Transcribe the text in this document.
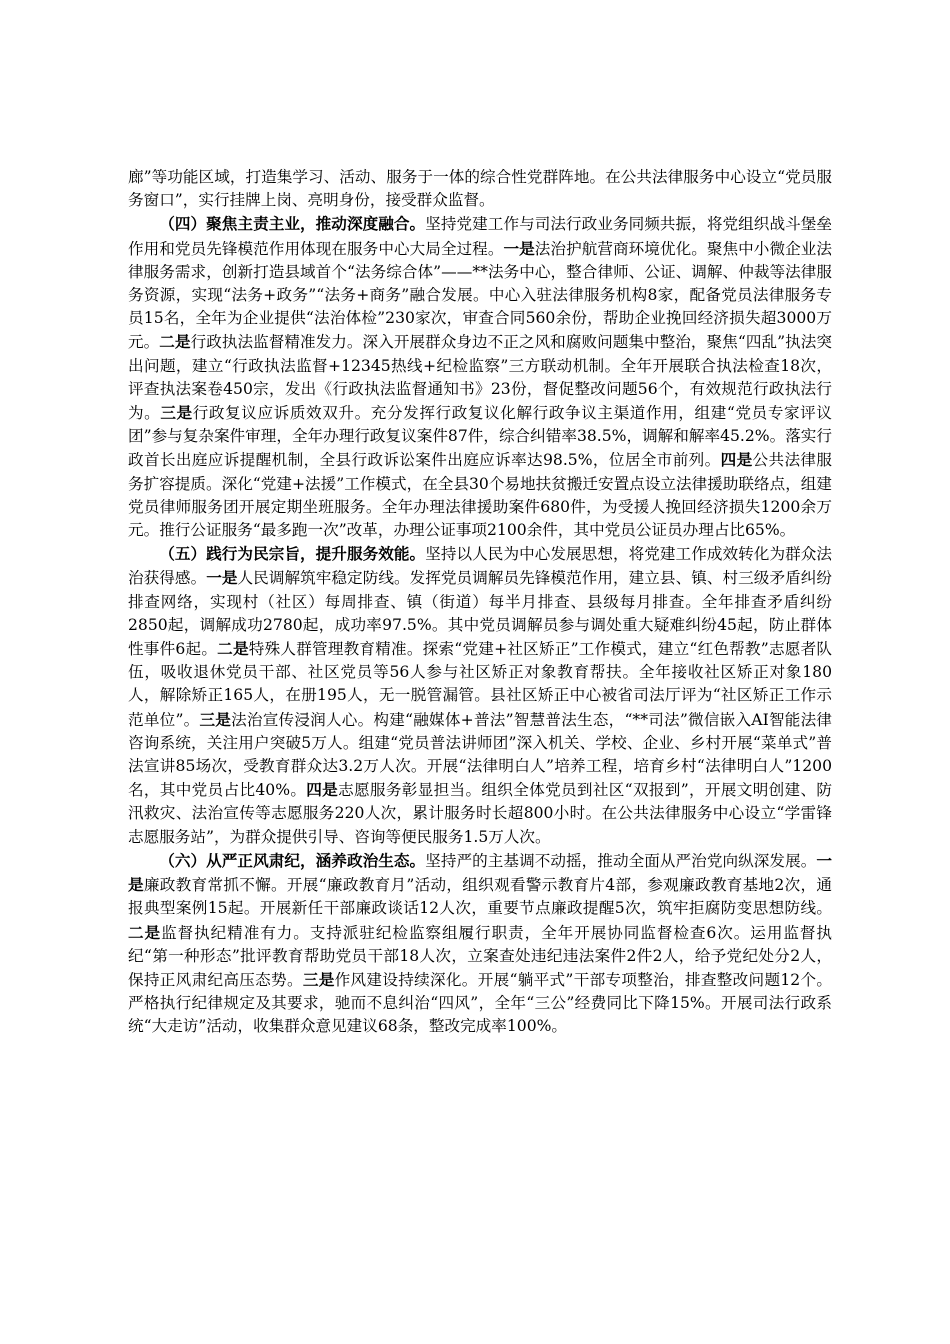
廊”等功能区域，打造集学习、活动、服务于一体的综合性党群阵地。在公共法律服务中心设立“党员服务窗口”，实行挂牌上岗、亮明身份，接受群众监督。

（四）聚焦主责主业，推动深度融合。坚持党建工作与司法行政业务同频共振，将党组织战斗堡垒作用和党员先锋模范作用体现在服务中心大局全过程。一是法治护航营商环境优化。聚焦中小微企业法律服务需求，创新打造县域首个“法务综合体”——**法务中心，整合律师、公证、调解、仲裁等法律服务资源，实现“法务+政务”“法务+商务”融合发展。中心入驻法律服务机构8家，配备党员法律服务专员15名，全年为企业提供“法治体检”230家次，审查合同560余份，帮助企业挽回经济损失超3000万元。二是行政执法监督精准发力。深入开展群众身边不正之风和腐败问题集中整治，聚焦“四乱”执法突出问题，建立“行政执法监督+12345热线+纪检监察”三方联动机制。全年开展联合执法检查18次，评查执法案卷450宗，发出《行政执法监督通知书》23份，督促整改问题56个，有效规范行政执法行为。三是行政复议应诉质效双升。充分发挥行政复议化解行政争议主渠道作用，组建“党员专家评议团”参与复杂案件审理，全年办理行政复议案件87件，综合纠错率38.5%，调解和解率45.2%。落实行政首长出庭应诉提醒机制，全县行政诉讼案件出庭应诉率达98.5%，位居全市前列。四是公共法律服务扩容提质。深化“党建+法援”工作模式，在全县30个易地扶贫搬迁安置点设立法律援助联络点，组建党员律师服务团开展定期坐班服务。全年办理法律援助案件680件，为受援人挽回经济损失1200余万元。推行公证服务“最多跑一次”改革，办理公证事项2100余件，其中党员公证员办理占比65%。

（五）践行为民宗旨，提升服务效能。坚持以人民为中心发展思想，将党建工作成效转化为群众法治获得感。一是人民调解筑牢稳定防线。发挥党员调解员先锋模范作用，建立县、镇、村三级矛盾纠纷排查网络，实现村（社区）每周排查、镇（街道）每半月排查、县级每月排查。全年排查矛盾纠纷2850起，调解成功2780起，成功率97.5%。其中党员调解员参与调处重大疑难纠纷45起，防止群体性事件6起。二是特殊人群管理教育精准。探索“党建+社区矫正”工作模式，建立“红色帮教”志愿者队伍，吸收退休党员干部、社区党员等56人参与社区矫正对象教育帮扶。全年接收社区矫正对象180人，解除矫正165人，在册195人，无一脱管漏管。县社区矫正中心被省司法厅评为“社区矫正工作示范单位”。三是法治宣传浸润人心。构建“融媒体+普法”智慧普法生态，“**司法”微信嵌入AI智能法律咨询系统，关注用户突破5万人。组建“党员普法讲师团”深入机关、学校、企业、乡村开展“菜单式”普法宣讲85场次，受教育群众达3.2万人次。开展“法律明白人”培养工程，培育乡村“法律明白人”1200名，其中党员占比40%。四是志愿服务彰显担当。组织全体党员到社区“双报到”，开展文明创建、防汛救灾、法治宣传等志愿服务220人次，累计服务时长超800小时。在公共法律服务中心设立“学雷锋志愿服务站”，为群众提供引导、咨询等便民服务1.5万人次。

（六）从严正风肃纪，涵养政治生态。坚持严的主基调不动摇，推动全面从严治党向纵深发展。一是廉政教育常抓不懈。开展“廉政教育月”活动，组织观看警示教育片4部，参观廉政教育基地2次，通报典型案例15起。开展新任干部廉政谈话12人次，重要节点廉政提醒5次，筑牢拒腐防变思想防线。二是监督执纪精准有力。支持派驻纪检监察组履行职责，全年开展协同监督检查6次。运用监督执纪“第一种形态”批评教育帮助党员干部18人次，立案查处违纪违法案件2件2人，给予党纪处分2人，保持正风肃纪高压态势。三是作风建设持续深化。开展“躺平式”干部专项整治，排查整改问题12个。严格执行纪律规定及其要求，驰而不息纠治“四风”，全年“三公”经费同比下降15%。开展司法行政系统“大走访”活动，收集群众意见建议68条，整改完成率100%。
